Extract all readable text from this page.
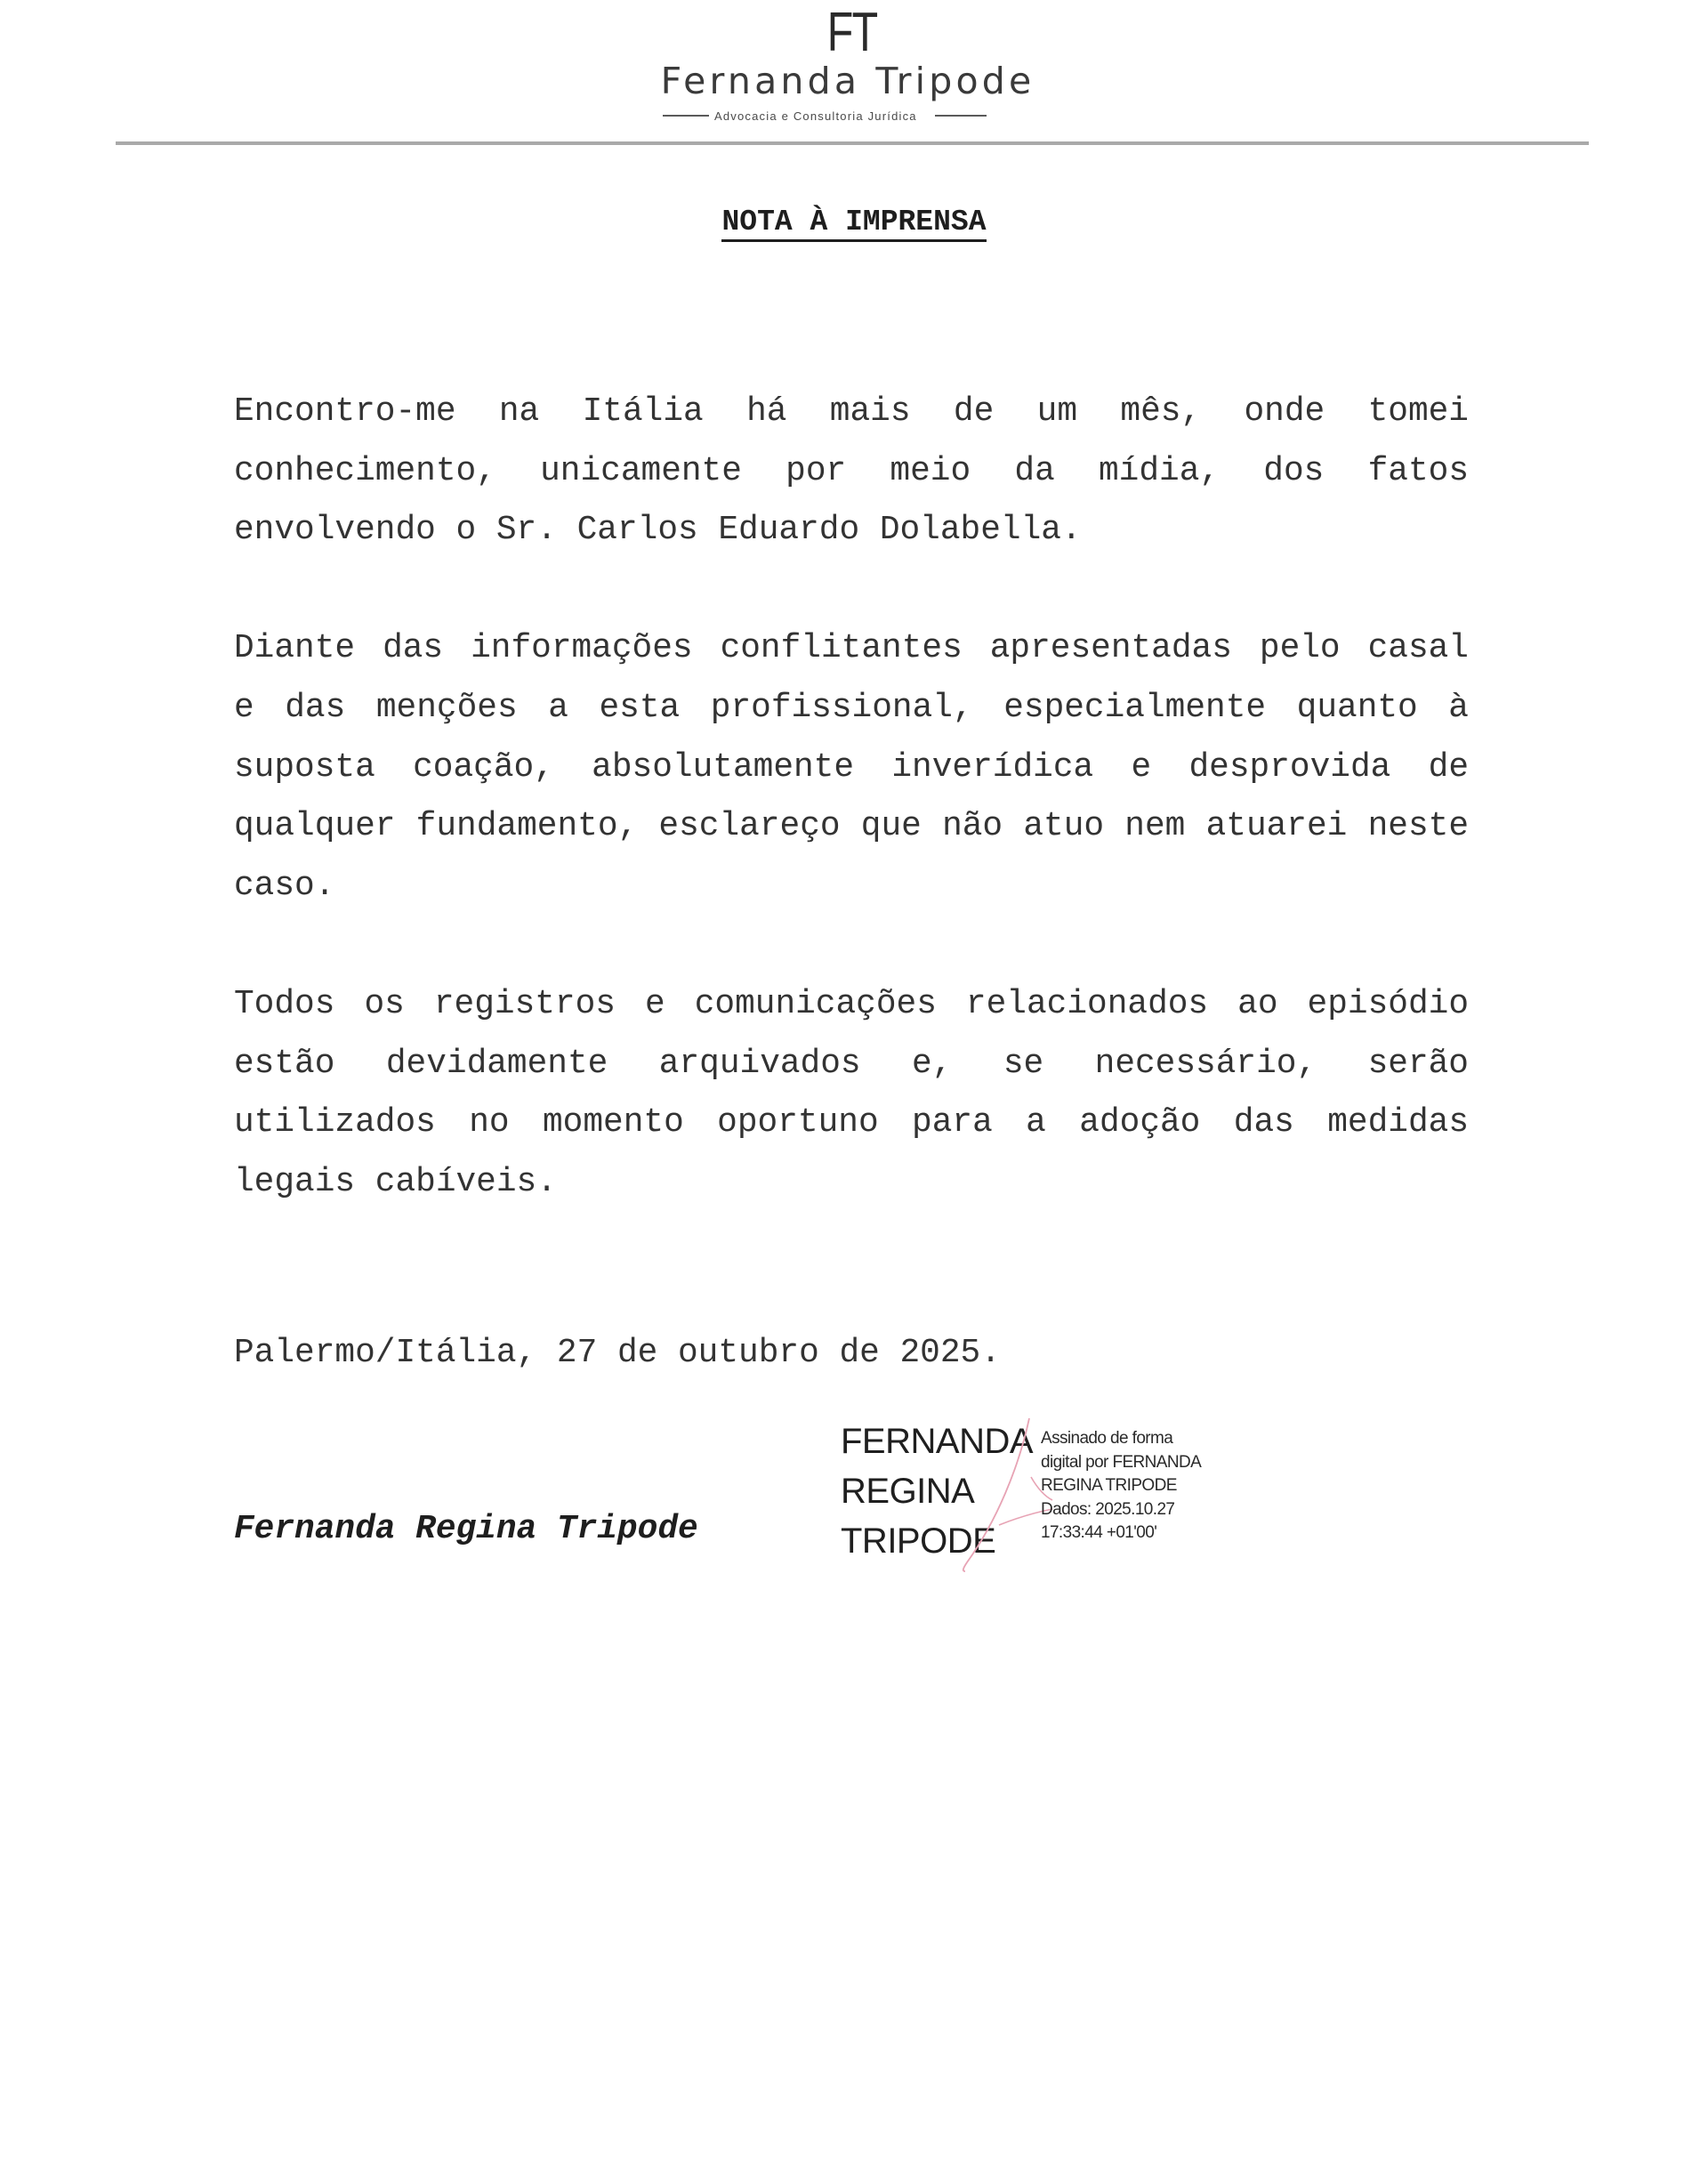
FT
Fernanda Tripode
Advocacia e Consultoria Jurídica
NOTA À IMPRENSA
Encontro-me na Itália há mais de um mês, onde tomei
conhecimento, unicamente por meio da mídia, dos fatos
envolvendo o Sr. Carlos Eduardo Dolabella.
Diante das informações conflitantes apresentadas pelo casal
e das menções a esta profissional, especialmente quanto à
suposta coação, absolutamente inverídica e desprovida de
qualquer fundamento, esclareço que não atuo nem atuarei neste
caso.
Todos os registros e comunicações relacionados ao episódio
estão devidamente arquivados e, se necessário, serão
utilizados no momento oportuno para a adoção das medidas
legais cabíveis.
Palermo/Itália, 27 de outubro de 2025.
Fernanda Regina Tripode
FERNANDA
REGINA
TRIPODE
Assinado de forma
digital por FERNANDA
REGINA TRIPODE
Dados: 2025.10.27
17:33:44 +01'00'
